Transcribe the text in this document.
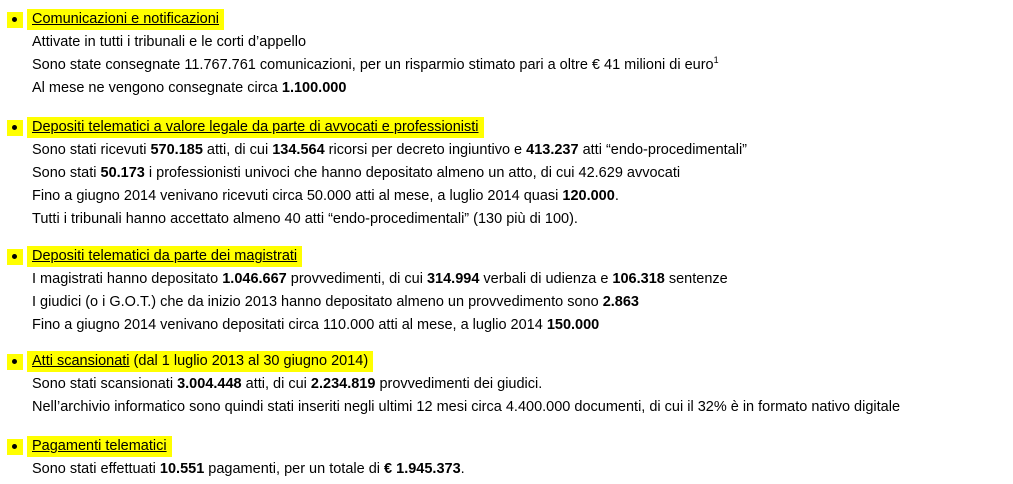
Comunicazioni e notificazioni
Attivate in tutti i tribunali e le corti d’appello
Sono state consegnate 11.767.761 comunicazioni, per un risparmio stimato pari a oltre € 41 milioni di euro$^1$
Al mese ne vengono consegnate circa 1.100.000
Depositi telematici a valore legale da parte di avvocati e professionisti
Sono stati ricevuti 570.185 atti, di cui 134.564 ricorsi per decreto ingiuntivo e 413.237 atti “endo-procedimentali”
Sono stati 50.173 i professionisti univoci che hanno depositato almeno un atto, di cui 42.629 avvocati
Fino a giugno 2014 venivano ricevuti circa 50.000 atti al mese, a luglio 2014 quasi 120.000.
Tutti i tribunali hanno accettato almeno 40 atti “endo-procedimentali” (130 più di 100).
Depositi telematici da parte dei magistrati
I magistrati hanno depositato 1.046.667 provvedimenti, di cui 314.994 verbali di udienza e 106.318 sentenze
I giudici (o i G.O.T.) che da inizio 2013 hanno depositato almeno un provvedimento sono 2.863
Fino a giugno 2014 venivano depositati circa 110.000 atti al mese, a luglio 2014 150.000
Atti scansionati (dal 1 luglio 2013 al 30 giugno 2014)
Sono stati scansionati 3.004.448 atti, di cui 2.234.819 provvedimenti dei giudici.
Nell’archivio informatico sono quindi stati inseriti negli ultimi 12 mesi circa 4.400.000 documenti, di cui il 32% è in formato nativo digitale
Pagamenti telematici
Sono stati effettuati 10.551 pagamenti, per un totale di € 1.945.373.
